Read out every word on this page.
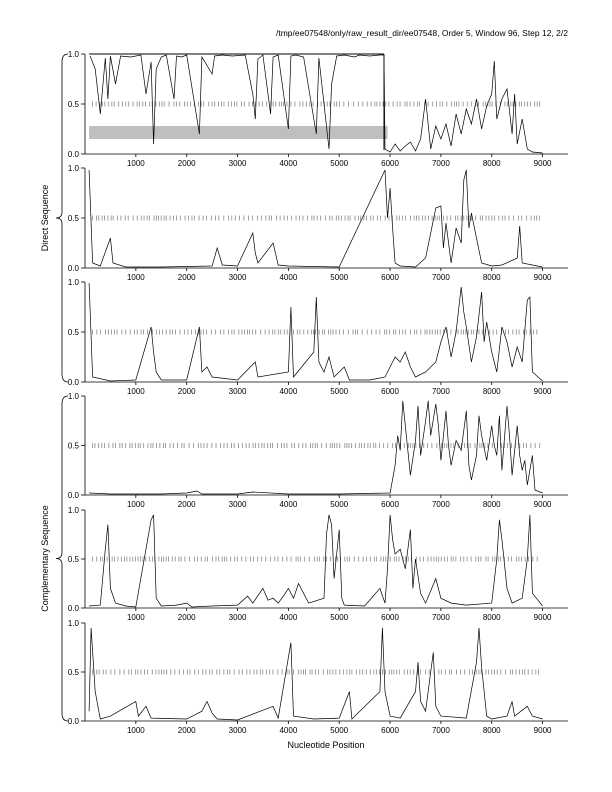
/tmp/ee07548/only/raw_result_dir/ee07548, Order 5, Window 96, Step 12, 2/2
0.0
0.5
1.0
1000	2000	3000	4000	5000	6000	7000	8000	9000
0.0
0.5
1.0
1000	2000	3000	4000	5000	6000	7000	8000	9000
0.0
0.5
1.0
1000	2000	3000	4000	5000	6000	7000	8000	9000
0.0
0.5
1.0
1000	2000	3000	4000	5000	6000	7000	8000	9000
0.0
0.5
1.0
1000	2000	3000	4000	5000	6000	7000	8000	9000
0.0
0.5
1.0
1000	2000	3000	4000	5000	6000	7000	8000	9000
Direct Sequence
Complementary Sequence
Nucleotide Position
